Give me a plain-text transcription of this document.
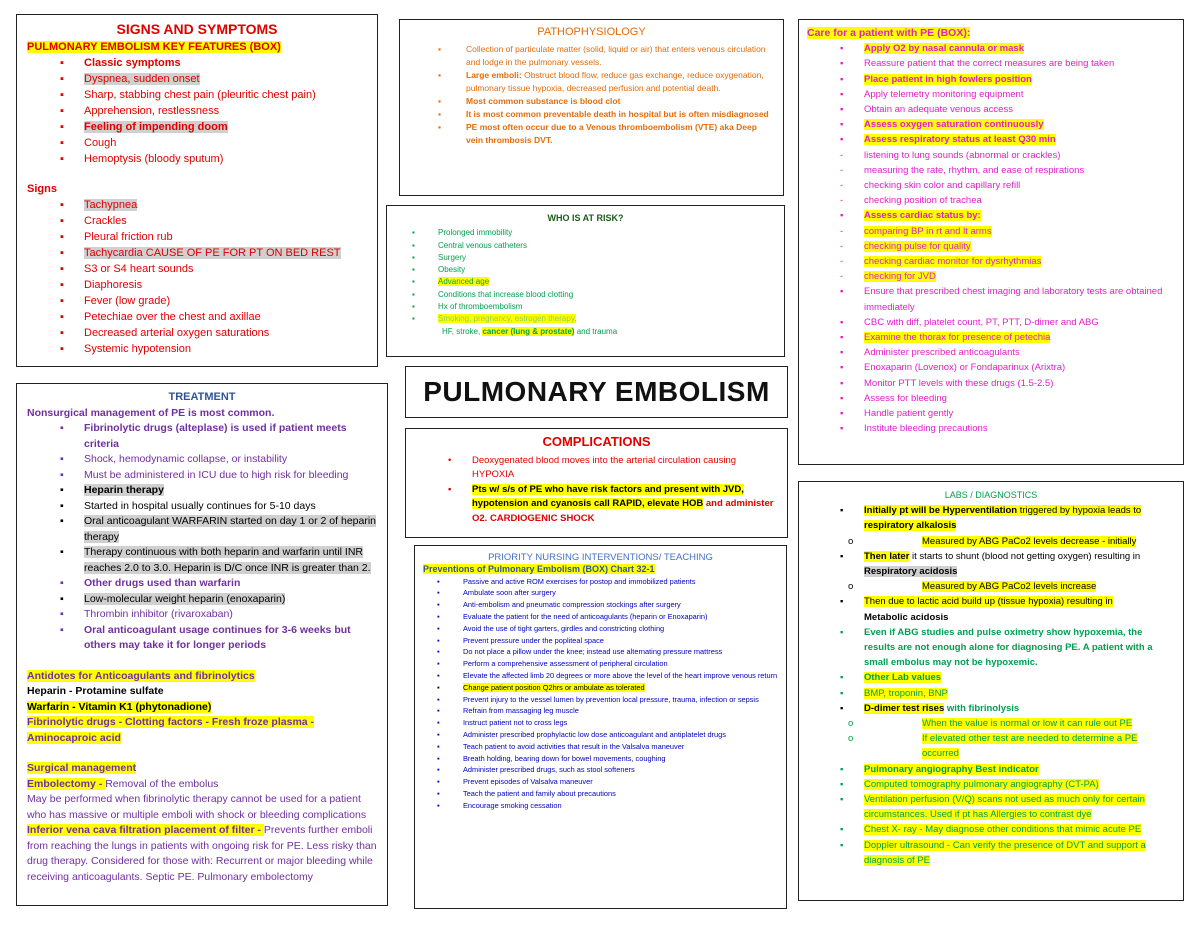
SIGNS AND SYMPTOMS
PULMONARY EMBOLISM KEY FEATURES (BOX)
▪ Classic symptoms
▪ Dyspnea, sudden onset
▪ Sharp, stabbing chest pain (pleuritic chest pain)
▪ Apprehension, restlessness
▪ Feeling of impending doom
▪ Cough
▪ Hemoptysis (bloody sputum)
Signs
▪ Tachypnea
▪ Crackles
▪ Pleural friction rub
▪ Tachycardia CAUSE OF PE FOR PT ON BED REST
▪ S3 or S4 heart sounds
▪ Diaphoresis
▪ Fever (low grade)
▪ Petechiae over the chest and axillae
▪ Decreased arterial oxygen saturations
▪ Systemic hypotension
TREATMENT
Nonsurgical management of PE is most common.
▪ Fibrinolytic drugs (alteplase) is used if patient meets criteria
▪ Shock, hemodynamic collapse, or instability
▪ Must be administered in ICU due to high risk for bleeding
▪ Heparin therapy
▪ Started in hospital usually continues for 5-10 days
▪ Oral anticoagulant WARFARIN started on day 1 or 2 of heparin therapy
▪ Therapy continuous with both heparin and warfarin until INR reaches 2.0 to 3.0. Heparin is D/C once INR is greater than 2.
▪ Other drugs used than warfarin
▪ Low-molecular weight heparin (enoxaparin)
▪ Thrombin inhibitor (rivaroxaban)
▪ Oral anticoagulant usage continues for 3-6 weeks but others may take it for longer periods
Antidotes for Anticoagulants and fibrinolytics
Heparin - Protamine sulfate
Warfarin - Vitamin K1 (phytonadione)
Fibrinolytic drugs - Clotting factors - Fresh froze plasma - Aminocaproic acid
Surgical management
Embolectomy - Removal of the embolus
May be performed when fibrinolytic therapy cannot be used for a patient who has massive or multiple emboli with shock or bleeding complications
Inferior vena cava filtration placement of filter - Prevents further emboli from reaching the lungs in patients with ongoing risk for PE. Less risky than drug therapy. Considered for those with: Recurrent or major bleeding while receiving anticoagulants. Septic PE. Pulmonary embolectomy
PATHOPHYSIOLOGY
▪ Collection of particulate matter (solid, liquid or air) that enters venous circulation and lodge in the pulmonary vessels.
▪ Large emboli: Obstruct blood flow, reduce gas exchange, reduce oxygenation, pulmonary tissue hypoxia, decreased perfusion and potential death.
▪ Most common substance is blood clot
▪ It is most common preventable death in hospital but is often misdiagnosed
▪ PE most often occur due to a Venous thromboembolism (VTE) aka Deep vein thrombosis DVT.
WHO IS AT RISK?
▪ Prolonged immobility
▪ Central venous catheters
▪ Surgery
▪ Obesity
▪ Advanced age
▪ Conditions that increase blood clotting
▪ Hx of thromboembolism
▪ Smoking, pregnancy, estrogen therapy,
HF, stroke, cancer (lung & prostate) and trauma
PULMONARY EMBOLISM
COMPLICATIONS
• Deoxygenated blood moves into the arterial circulation causing HYPOXIA
• Pts w/ s/s of PE who have risk factors and present with JVD, hypotension and cyanosis call RAPID, elevate HOB and administer O2. CARDIOGENIC SHOCK
PRIORITY NURSING INTERVENTIONS/ TEACHING
Preventions of Pulmonary Embolism (BOX) Chart 32-1
▪ Passive and active ROM exercises for postop and immobilized patients
▪ Ambulate soon after surgery
▪ Anti-embolism and pneumatic compression stockings after surgery
▪ Evaluate the patient for the need of anticoagulants (heparin or Enoxaparin)
▪ Avoid the use of tight garters, girdles and constricting clothing
▪ Prevent pressure under the popliteal space
▪ Do not place a pillow under the knee; instead use alternating pressure mattress
▪ Perform a comprehensive assessment of peripheral circulation
▪ Elevate the affected limb 20 degrees or more above the level of the heart improve venous return
▪ Change patient position Q2hrs or ambulate as tolerated
▪ Prevent injury to the vessel lumen by prevention local pressure, trauma, infection or sepsis
▪ Refrain from massaging leg muscle
▪ Instruct patient not to cross legs
▪ Administer prescribed prophylactic low dose anticoagulant and antiplatelet drugs
▪ Teach patient to avoid activities that result in the Valsalva maneuver
▪ Breath holding, bearing down for bowel movements, coughing
▪ Administer prescribed drugs, such as stool softeners
▪ Prevent episodes of Valsalva maneuver
▪ Teach the patient and family about precautions
▪ Encourage smoking cessation
Care for a patient with PE (BOX):
▪ Apply O2 by nasal cannula or mask
▪ Reassure patient that the correct measures are being taken
▪ Place patient in high fowlers position
▪ Apply telemetry monitoring equipment
▪ Obtain an adequate venous access
▪ Assess oxygen saturation continuously
▪ Assess respiratory status at least Q30 min
- listening to lung sounds (abnormal or crackles)
- measuring the rate, rhythm, and ease of respirations
- checking skin color and capillary refill
- checking position of trachea
▪ Assess cardiac status by:
- comparing BP in rt and lt arms
- checking pulse for quality
- checking cardiac monitor for dysrhythmias
- checking for JVD
▪ Ensure that prescribed chest imaging and laboratory tests are obtained immediately
▪ CBC with diff, platelet count, PT, PTT, D-dimer and ABG
▪ Examine the thorax for presence of petechia
▪ Administer prescribed anticoagulants
▪ Enoxaparin (Lovenox) or Fondaparinux (Arixtra)
▪ Monitor PTT levels with these drugs (1.5-2.5)
▪ Assess for bleeding
▪ Handle patient gently
▪ Institute bleeding precautions
LABS / DIAGNOSTICS
▪ Initially pt will be Hyperventilation triggered by hypoxia leads to
respiratory alkalosis
o Measured by ABG PaCo2 levels decrease - initially
▪ Then later it starts to shunt (blood not getting oxygen) resulting in
Respiratory acidosis
o Measured by ABG PaCo2 levels increase
▪ Then due to lactic acid build up (tissue hypoxia) resulting in
Metabolic acidosis
▪ Even if ABG studies and pulse oximetry show hypoxemia, the results are not enough alone for diagnosing PE. A patient with a small embolus may not be hypoxemic.
▪ Other Lab values
▪ BMP, troponin, BNP
▪ D-dimer test rises with fibrinolysis
o When the value is normal or low it can rule out PE
o If elevated other test are needed to determine a PE occurred
▪ Pulmonary angiography Best indicator
▪ Computed tomography pulmonary angiography (CT-PA)
▪ Ventilation perfusion (V/Q) scans not used as much only for certain circumstances. Used if pt has Allergies to contrast dye
▪ Chest X- ray - May diagnose other conditions that mimic acute PE
▪ Doppler ultrasound - Can verify the presence of DVT and support a diagnosis of PE
